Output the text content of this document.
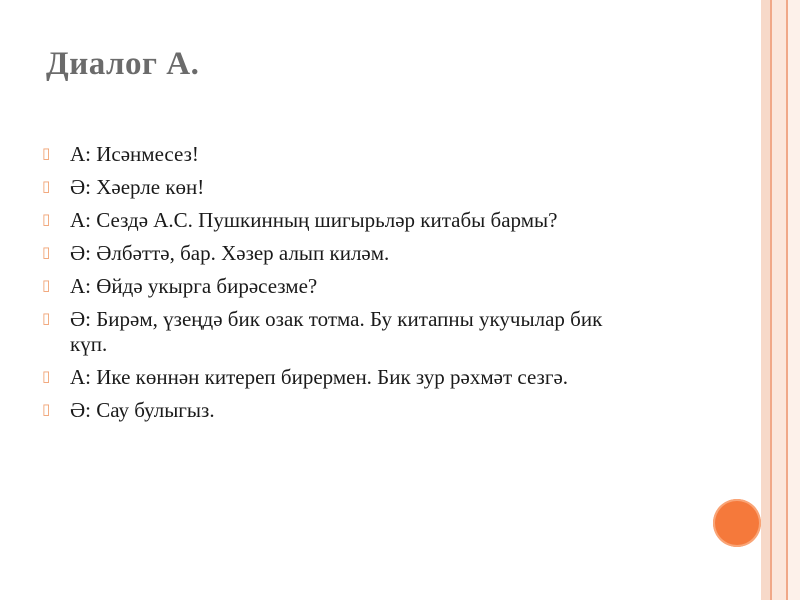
Диалог А.
▯ А: Исәнмесез!
▯ Ә: Хәерле көн!
▯ А: Сездә А.С. Пушкинның шигырьләр китабы бармы?
▯ Ә: Әлбәттә, бар. Хәзер алып киләм.
▯ А: Өйдә укырга бирәсезме?
▯ Ә: Бирәм, үзеңдә бик озак тотма. Бу китапны укучылар бик күп.
▯ А: Ике көннән китереп бирермен. Бик зур рәхмәт сезгә.
▯ Ә: Сау булыгыз.
